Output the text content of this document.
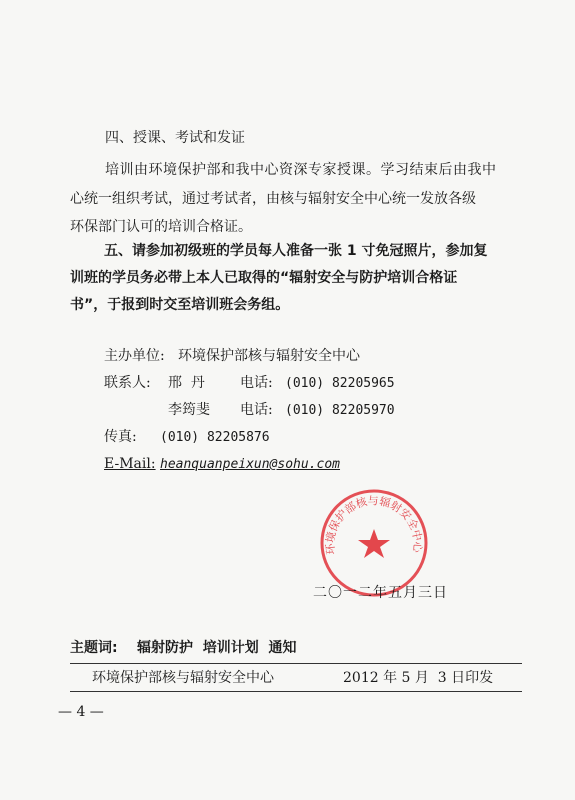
四、授课、考试和发证
培训由环境保护部和我中心资深专家授课。学习结束后由我中
心统一组织考试，通过考试者，由核与辐射安全中心统一发放各级
环保部门认可的培训合格证。
五、请参加初级班的学员每人准备一张 1 寸免冠照片，参加复
训班的学员务必带上本人已取得的“辐射安全与防护培训合格证
书”，于报到时交至培训班会务组。
主办单位: 环境保护部核与辐射安全中心
联系人: 邢  丹	电话: (010) 82205965
李筠斐 电话: (010) 82205970
传真: (010) 82205876
E-Mail: heanquanpeixun@sohu.com
环境保护部核与辐射安全中心
二〇一二年五月三日
主题词: 辐射防护  培训计划  通知
环境保护部核与辐射安全中心	2012 年 5 月  3 日印发
— 4 —
